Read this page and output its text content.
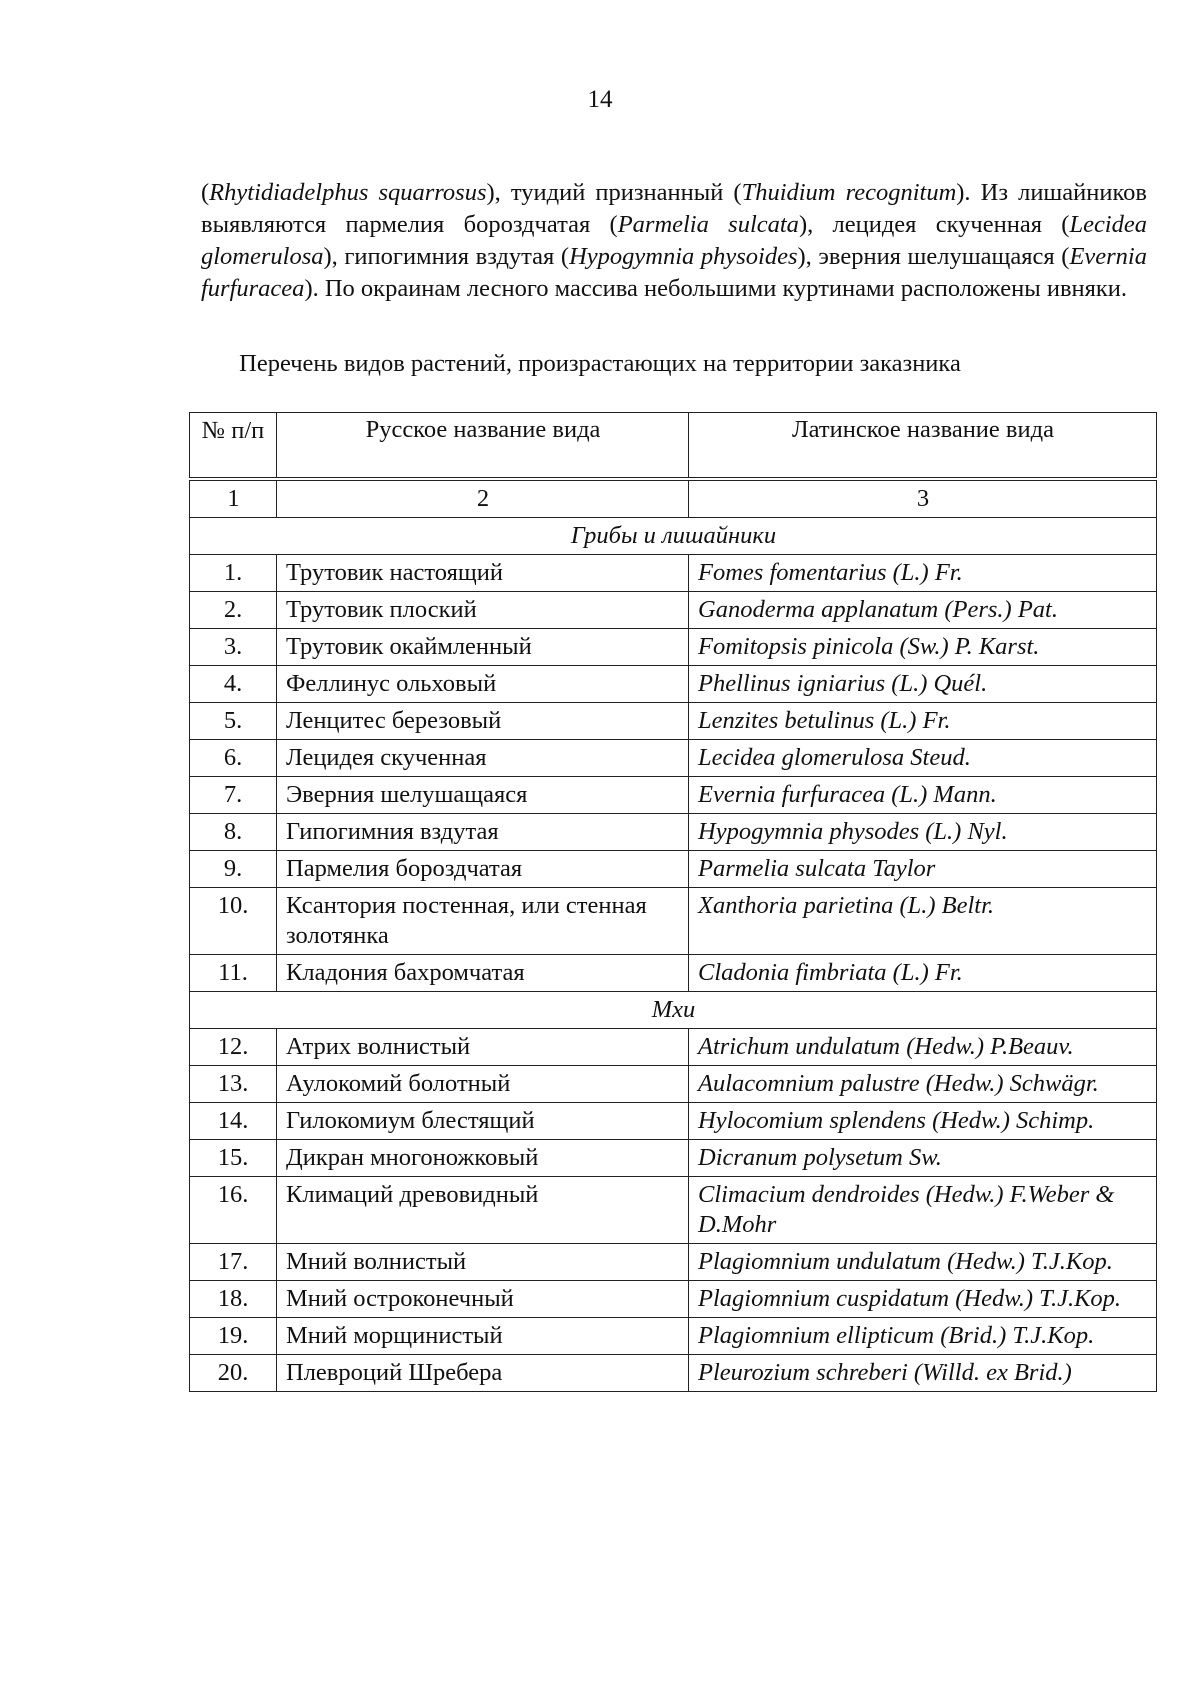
14

(Rhytidiadelphus squarrosus), туидий признанный (Thuidium recognitum). Из лишайников выявляются пармелия бороздчатая (Parmelia sulcata), лецидея скученная (Lecidea glomerulosa), гипогимния вздутая (Hypogymnia physoides), эверния шелушащаяся (Evernia furfuracea). По окраинам лесного массива небольшими куртинами расположены ивняки.

Перечень видов растений, произрастающих на территории заказника
№ п/п	Русское название вида	Латинское название вида
1	2	3
Грибы и лишайники		
1.	Трутовик настоящий	Fomes fomentarius (L.) Fr.
2.	Трутовик плоский	Ganoderma applanatum (Pers.) Pat.
3.	Трутовик окаймленный	Fomitopsis pinicola (Sw.) P. Karst.
4.	Феллинус ольховый	Phellinus igniarius (L.) Quél.
5.	Ленцитес березовый	Lenzites betulinus (L.) Fr.
6.	Лецидея скученная	Lecidea glomerulosa Steud.
7.	Эверния шелушащаяся	Evernia furfuracea (L.) Mann.
8.	Гипогимния вздутая	Hypogymnia physodes (L.) Nyl.
9.	Пармелия бороздчатая	Parmelia sulcata Taylor
10.	Ксантория постенная, или стенная золотянка	Xanthoria parietina (L.) Beltr.
11.	Кладония бахромчатая	Cladonia fimbriata (L.) Fr.
Мхи		
12.	Атрих волнистый	Atrichum undulatum (Hedw.) P.Beauv.
13.	Аулокомий болотный	Aulacomnium palustre (Hedw.) Schwägr.
14.	Гилокомиум блестящий	Hylocomium splendens (Hedw.) Schimp.
15.	Дикран многоножковый	Dicranum polysetum Sw.
16.	Климаций древовидный	Climacium dendroides (Hedw.) F.Weber & D.Mohr
17.	Мний волнистый	Plagiomnium undulatum (Hedw.) T.J.Kop.
18.	Мний остроконечный	Plagiomnium cuspidatum (Hedw.) T.J.Kop.
19.	Мний морщинистый	Plagiomnium ellipticum (Brid.) T.J.Kop.
20.	Плевроций Шребера	Pleurozium schreberi (Willd. ex Brid.)
